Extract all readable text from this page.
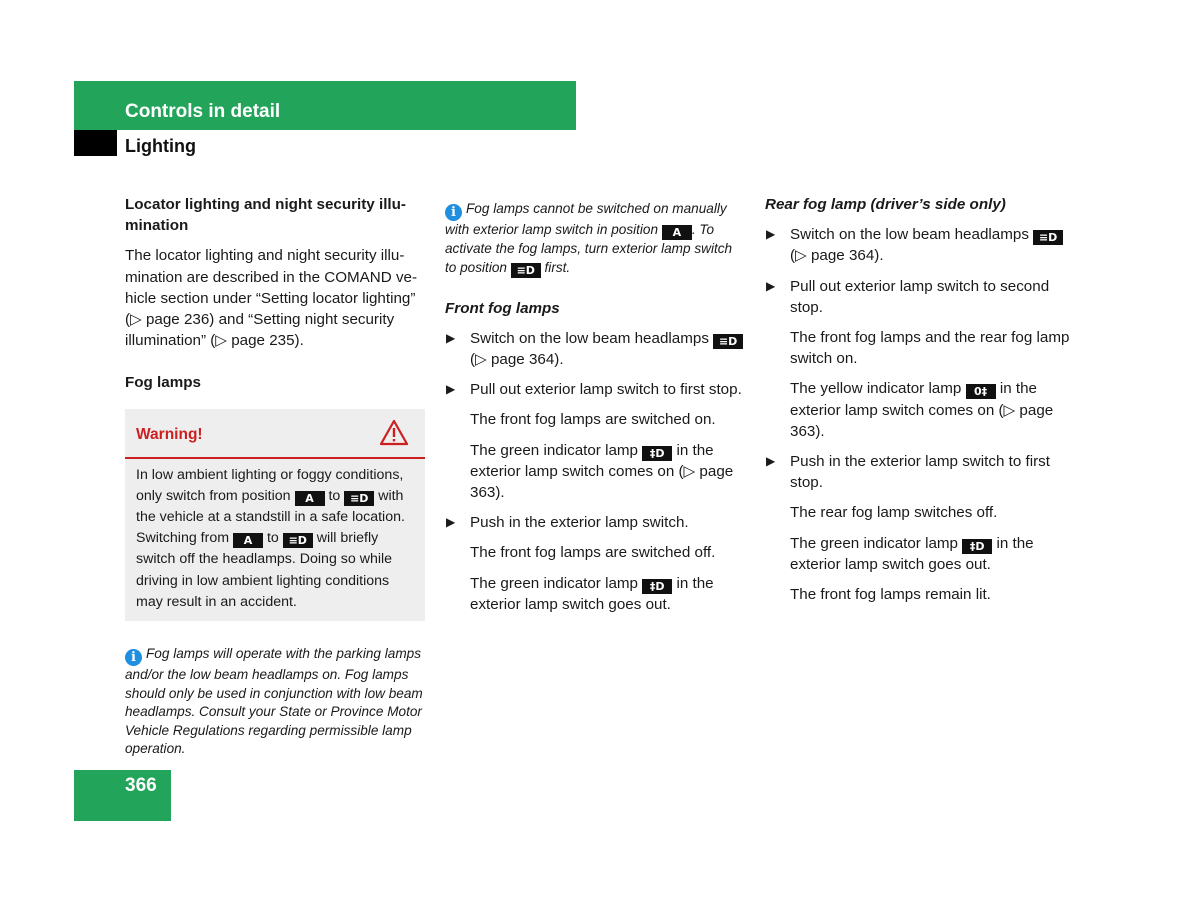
Controls in detail
Lighting
Locator lighting and night security illu-mination

The locator lighting and night security illu-mination are described in the COMAND ve-hicle section under “Setting locator lighting” (▷ page 236) and “Setting night security illumination” (▷ page 235).

Fog lamps
Warning!
In low ambient lighting or foggy conditions, only switch from position A to ≡D with the vehicle at a standstill in a safe location. Switching from A to ≡D will briefly switch off the headlamps. Doing so while driving in low ambient lighting conditions may result in an accident.

i Fog lamps will operate with the parking lamps and/or the low beam headlamps on. Fog lamps should only be used in conjunction with low beam headlamps. Consult your State or Province Motor Vehicle Regulations regarding permissible lamp operation.

i Fog lamps cannot be switched on manually with exterior lamp switch in position A . To activate the fog lamps, turn exterior lamp switch to position ≡D first.

Front fog lamps
▶ Switch on the low beam headlamps ≡D (▷ page 364).
▶ Pull out exterior lamp switch to first stop.

The front fog lamps are switched on.

The green indicator lamp ‡D in the exterior lamp switch comes on (▷ page 363).

▶ Push in the exterior lamp switch.

The front fog lamps are switched off.

The green indicator lamp ‡D in the exterior lamp switch goes out.

Rear fog lamp (driver’s side only)
▶ Switch on the low beam headlamps ≡D (▷ page 364).
▶ Pull out exterior lamp switch to second stop.

The front fog lamps and the rear fog lamp switch on.

The yellow indicator lamp 0‡ in the exterior lamp switch comes on (▷ page 363).

▶ Push in the exterior lamp switch to first stop.

The rear fog lamp switches off.

The green indicator lamp ‡D in the exterior lamp switch goes out.

The front fog lamps remain lit.

366
